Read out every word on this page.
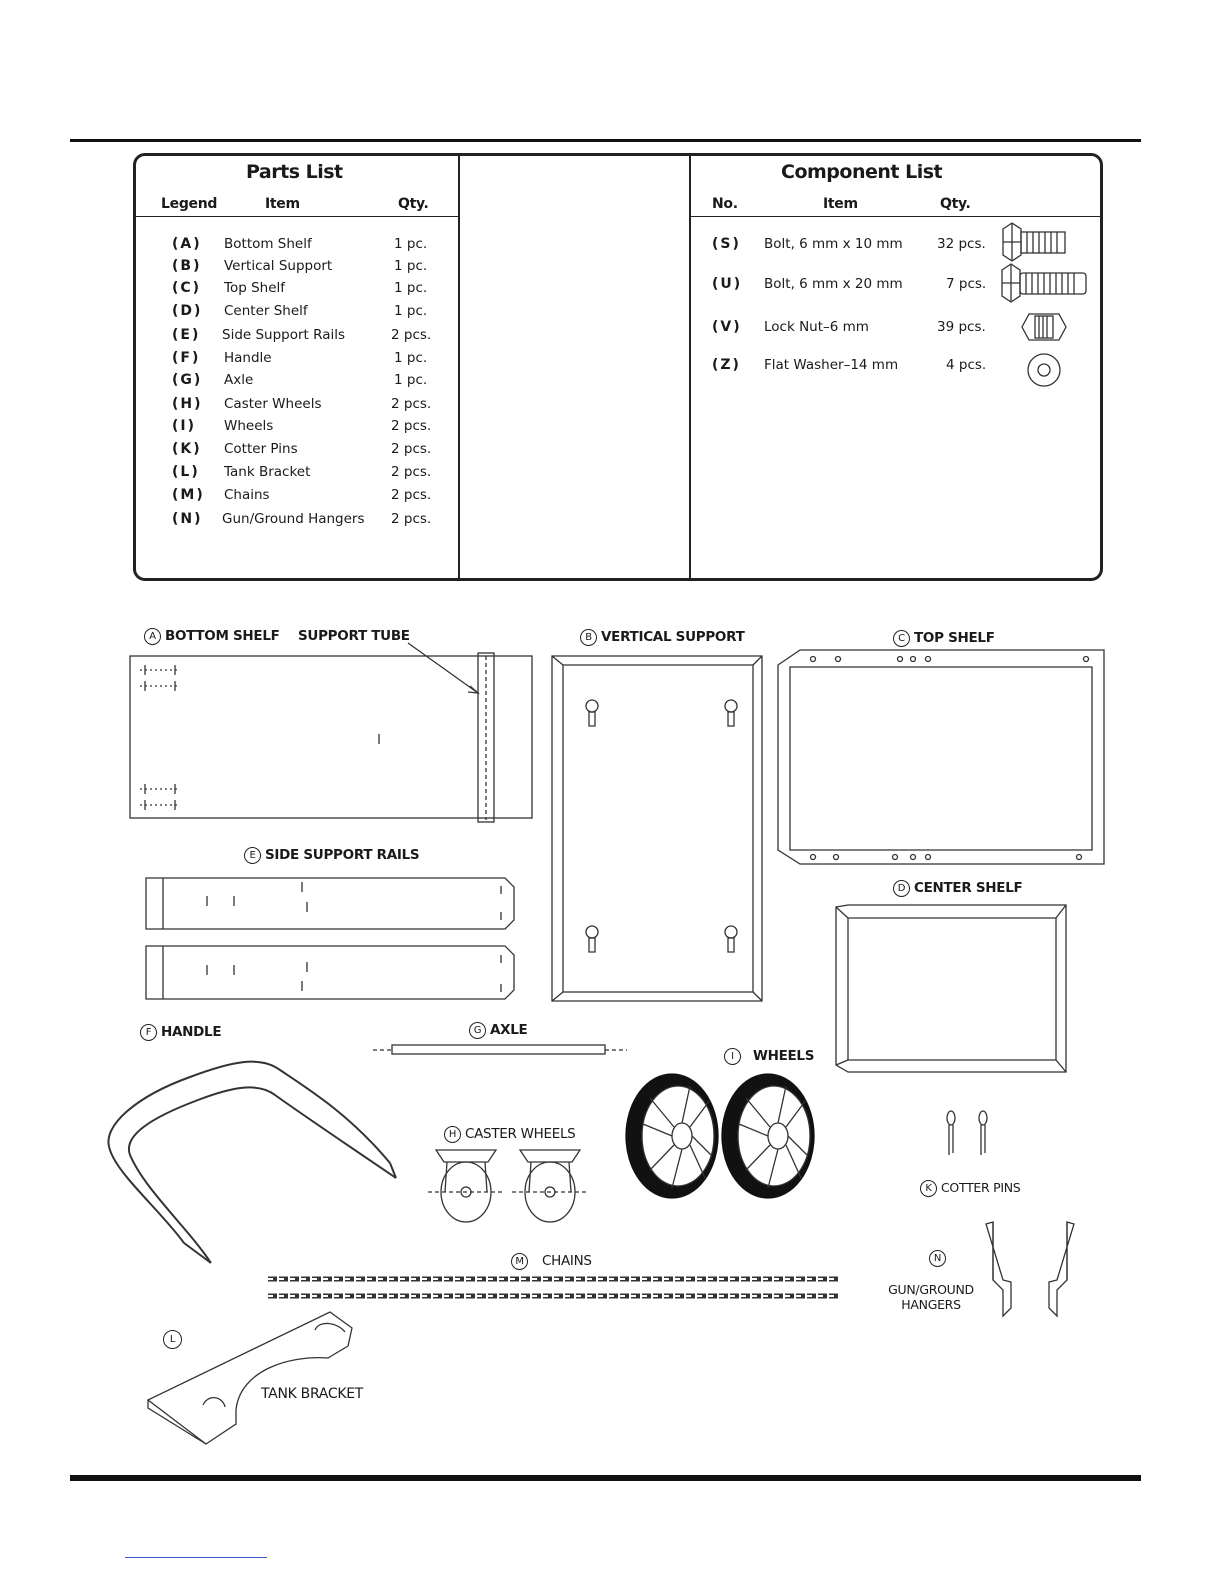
Parts List
Legend	Item	Qty.
Component List
No.	Item	Qty.
(A) Bottom Shelf	1 pc.
(B) Vertical Support	1 pc.
(C) Top Shelf	1 pc.
(D) Center Shelf	1 pc.
(E) Side Support Rails	2 pcs.
(F) Handle	1 pc.
(G) Axle	1 pc.
(H) Caster Wheels	2 pcs.
(I) Wheels	2 pcs.
(K) Cotter Pins	2 pcs.
(L) Tank Bracket	2 pcs.
(M) Chains	2 pcs.
(N) Gun/Ground Hangers 2 pcs.
(S) Bolt, 6 mm x 10 mm	32 pcs.
(U) Bolt, 6 mm x 20 mm	7 pcs.
(V) Lock Nut–6 mm	39 pcs.
(Z) Flat Washer–14 mm	4 pcs.
A BOTTOM SHELF SUPPORT TUBE	B VERTICAL SUPPORT	C TOP SHELF
E SIDE SUPPORT RAILS
D CENTER SHELF
F HANDLE	G AXLE
I WHEELS
H CASTER WHEELS
K COTTER PINS
M CHAINS	N
GUN/GROUND
HANGERS
L
TANK BRACKET
